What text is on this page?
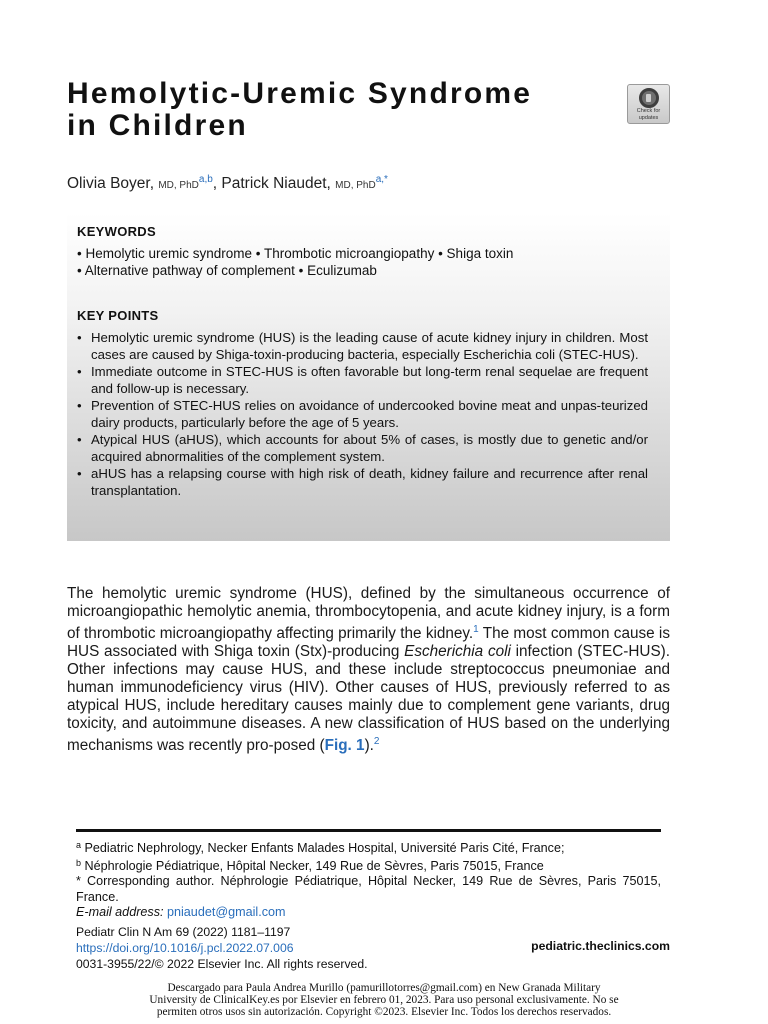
Hemolytic-Uremic Syndrome
in Children	Check for
updates
Olivia Boyer, MD, PhD$^{a,b}$, Patrick Niaudet, MD, PhD$^{a,*}$
KEYWORDS
• Hemolytic uremic syndrome • Thrombotic microangiopathy • Shiga toxin
• Alternative pathway of complement • Eculizumab
KEY POINTS
• Hemolytic uremic syndrome (HUS) is the leading cause of acute kidney injury in children. Most cases are caused by Shiga-toxin-producing bacteria, especially Escherichia coli (STEC-HUS).
• Immediate outcome in STEC-HUS is often favorable but long-term renal sequelae are frequent and follow-up is necessary.
• Prevention of STEC-HUS relies on avoidance of undercooked bovine meat and unpas-teurized dairy products, particularly before the age of 5 years.
• Atypical HUS (aHUS), which accounts for about 5% of cases, is mostly due to genetic and/or acquired abnormalities of the complement system.
• aHUS has a relapsing course with high risk of death, kidney failure and recurrence after renal transplantation.

The hemolytic uremic syndrome (HUS), defined by the simultaneous occurrence of microangiopathic hemolytic anemia, thrombocytopenia, and acute kidney injury, is a form of thrombotic microangiopathy affecting primarily the kidney.$^1$ The most common cause is HUS associated with Shiga toxin (Stx)-producing Escherichia coli infection (STEC-HUS). Other infections may cause HUS, and these include streptococcus pneumoniae and human immunodeficiency virus (HIV). Other causes of HUS, previously referred to as atypical HUS, include hereditary causes mainly due to complement gene variants, drug toxicity, and autoimmune diseases. A new classification of HUS based on the underlying mechanisms was recently pro-posed (Fig. 1).$^2$

$^a$ Pediatric Nephrology, Necker Enfants Malades Hospital, Université Paris Cité, France;
$^b$ Néphrologie Pédiatrique, Hôpital Necker, 149 Rue de Sèvres, Paris 75015, France
* Corresponding author. Néphrologie Pédiatrique, Hôpital Necker, 149 Rue de Sèvres, Paris 75015, France.
E-mail address: pniaudet@gmail.com
Pediatr Clin N Am 69 (2022) 1181–1197
https://doi.org/10.1016/j.pcl.2022.07.006
0031-3955/22/© 2022 Elsevier Inc. All rights reserved.
pediatric.theclinics.com
Descargado para Paula Andrea Murillo (pamurillotorres@gmail.com) en New Granada Military
University de ClinicalKey.es por Elsevier en febrero 01, 2023. Para uso personal exclusivamente. No se
permiten otros usos sin autorización. Copyright ©2023. Elsevier Inc. Todos los derechos reservados.
